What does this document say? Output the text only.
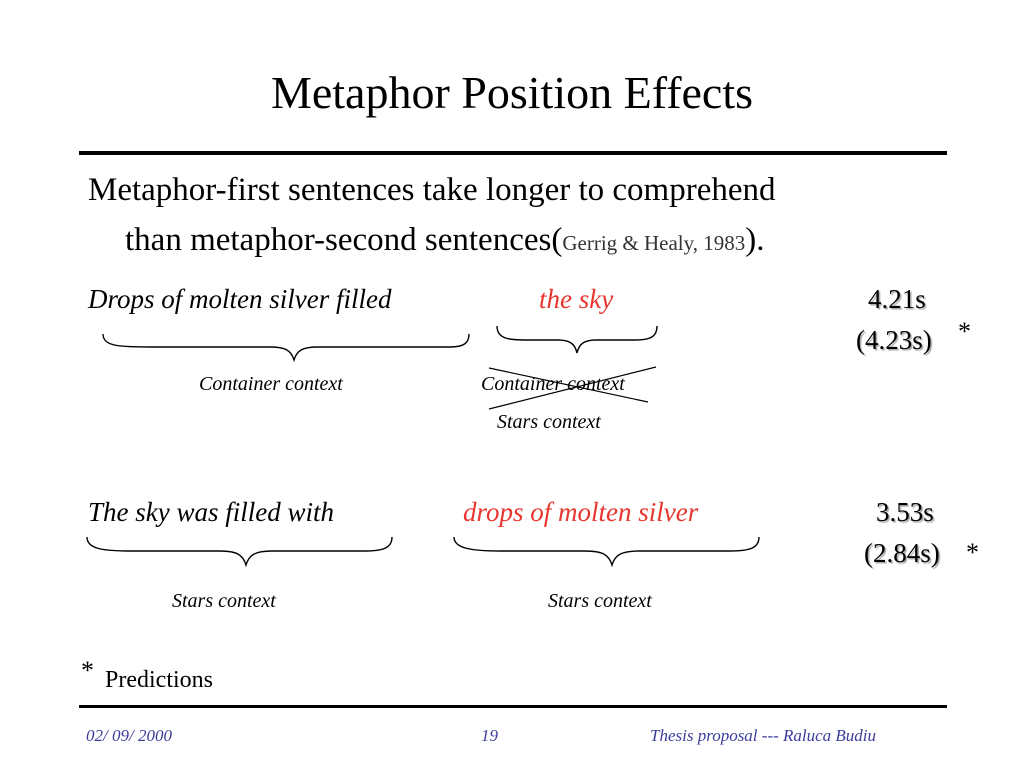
Metaphor Position Effects
Metaphor-first sentences take longer to comprehend
than metaphor-second sentences(Gerrig & Healy, 1983).
Drops of molten silver filled	the sky	4.21s
(4.23s) *
Container context	Container context
Stars context
The sky was filled with	drops of molten silver	3.53s
(2.84s) *
Stars context	Stars context
* Predictions
02/ 09/ 2000	19	Thesis proposal --- Raluca Budiu
